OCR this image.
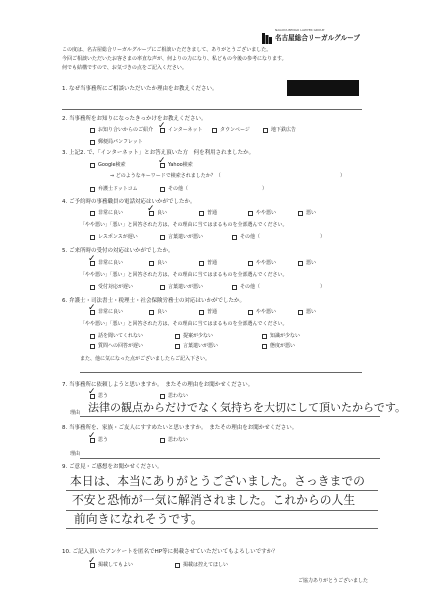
NAGOYA BENGO LAWYER GROUP
名古屋総合リーガルグループ
この度は、名古屋総合リーガルグループにご相談いただきまして、ありがとうございました。
今回ご相談いただいたお客さまの率直な声が、何よりの力になり、私どもの今後の参考になります。
何でも結構ですので、お気づきの点をご記入ください。
1. なぜ当事務所にご相談いただいたか理由をお教えください。
2. 当事務所をお知りになったきっかけをお教えください。
お知り合いからのご紹介 ✓ インターネット	タウンページ	地下鉄広告
郵便局パンフレット
3. 上記2. で、「インターネット」とお答え頂いた方　何を利用されましたか。
Google検索	✓ Yahoo検索
⇒ どのようなキーワードで検索されましたか？（	）
弁護士ドットコム	その他（	）
4. ご予約時の事務職員の電話対応はいかがでしたか。
非常に良い	✓ 良い	普通	やや悪い	悪い
「やや悪い」「悪い」と回答された方は、その理由に当てはまるものを全部選んでください。
レスポンスが遅い	言葉遣いが悪い	その他（	）
5. ご来所時の受付の対応はいかがでしたか。
✓ 非常に良い	良い	普通	やや悪い	悪い
「やや悪い」「悪い」と回答された方は、その理由に当てはまるものを全部選んでください。
受付対応が遅い	言葉遣いが悪い	その他（	）
6. 弁護士・司法書士・税理士・社会保険労務士の対応はいかがでしたか。
✓ 非常に良い	良い	普通	やや悪い	悪い
「やや悪い」「悪い」と回答された方は、その理由に当てはまるものを全部選んでください。
話を聞いてくれない	提案が少ない	知識が少ない
質問への回答が遅い	言葉遣いが悪い	態度が悪い
また、他に気になった点がございましたらご記入下さい。
7. 当事務所に依頼しようと思いますか。　またその理由をお聞かせください。
✓ 思う	思わない
理由 法律の観点からだけでなく気持ちを大切にして頂いたからです。
8. 当事務所を、家族・ご友人にすすめたいと思いますか。　またその理由をお聞かせください。
✓ 思う	思わない
理由
9. ご意見・ご感想をお聞かせください。
本日は、本当にありがとうございました。さっきまでの
不安と恐怖が一気に解消されました。これからの人生
前向きになれそうです。
10. ご記入頂いたアンケートを匿名でHP等に掲載させていただいてもよろしいですか？
✓ 掲載してもよい	掲載は控えてほしい
ご協力ありがとうございました
